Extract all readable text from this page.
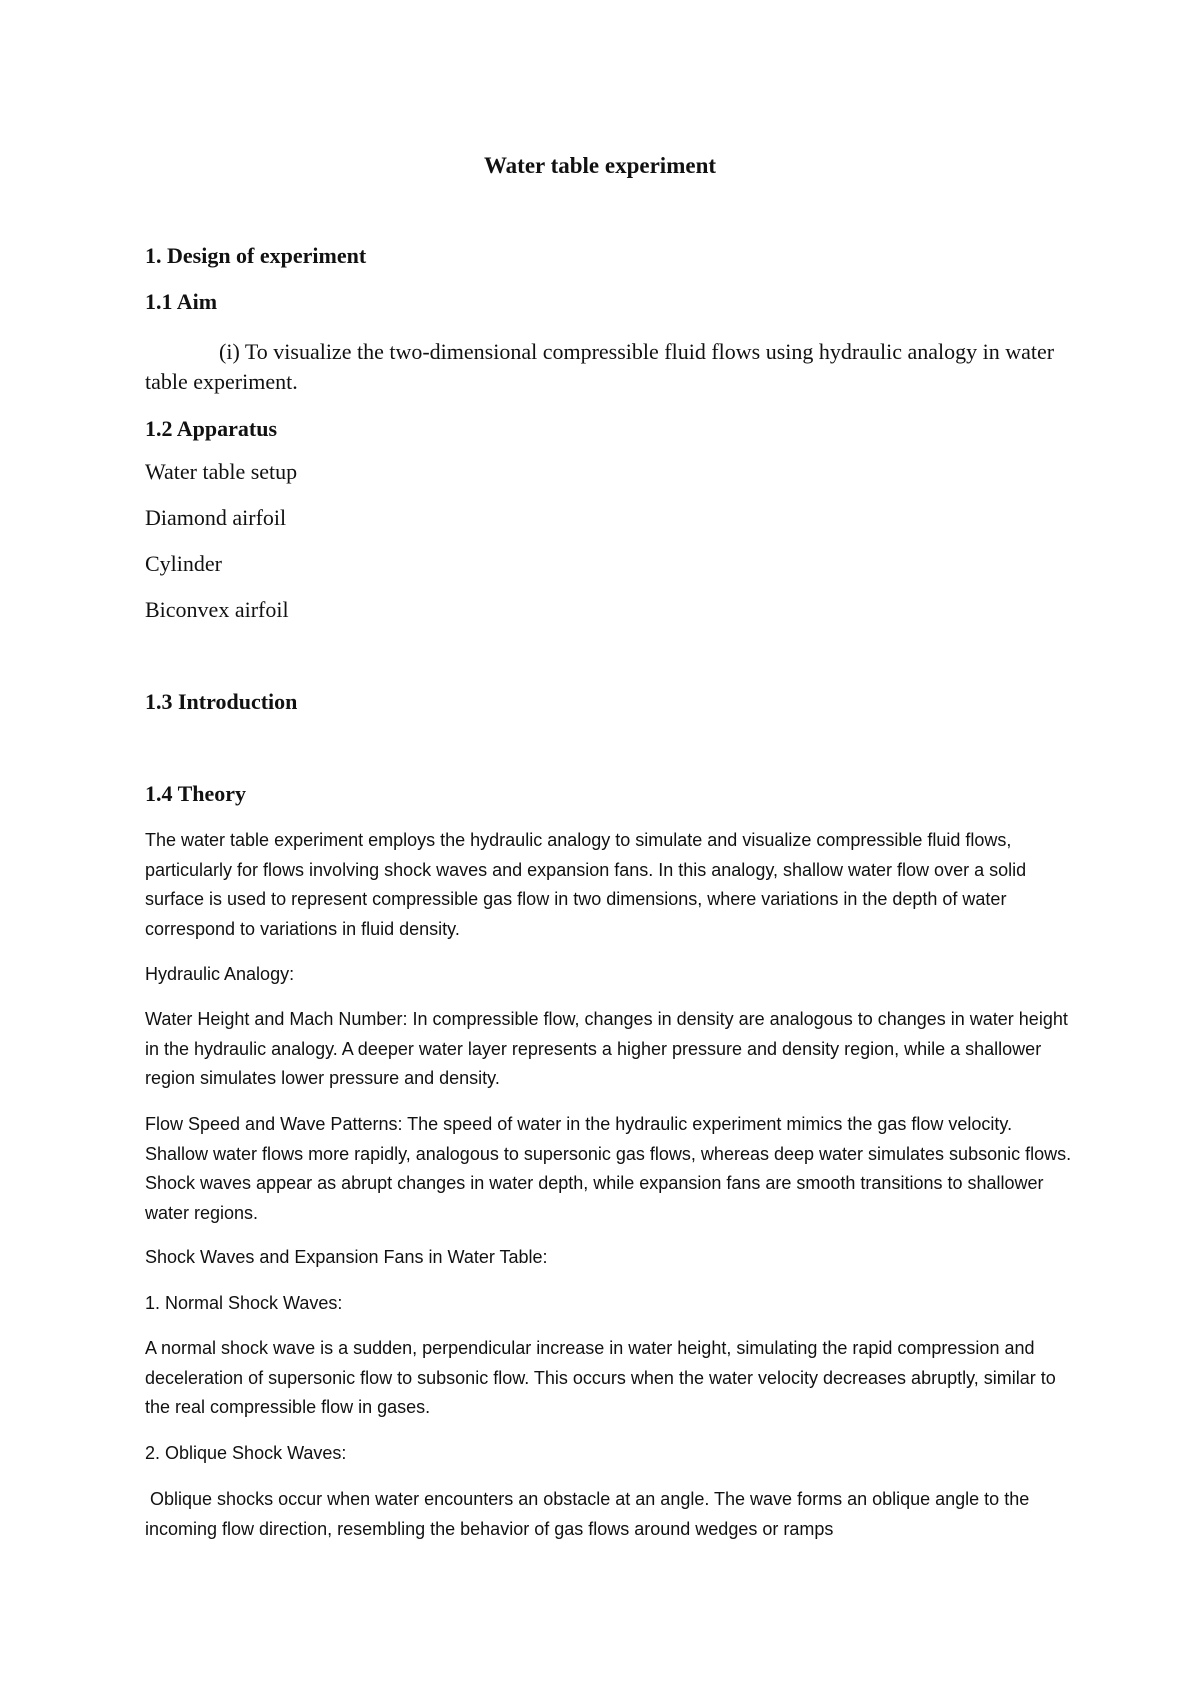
Water table experiment
1. Design of experiment
1.1 Aim
(i) To visualize the two-dimensional compressible fluid flows using hydraulic analogy in water table experiment.
1.2 Apparatus
Water table setup
Diamond airfoil
Cylinder
Biconvex airfoil
1.3 Introduction
1.4 Theory
The water table experiment employs the hydraulic analogy to simulate and visualize compressible fluid flows, particularly for flows involving shock waves and expansion fans. In this analogy, shallow water flow over a solid surface is used to represent compressible gas flow in two dimensions, where variations in the depth of water correspond to variations in fluid density.
Hydraulic Analogy:
Water Height and Mach Number: In compressible flow, changes in density are analogous to changes in water height in the hydraulic analogy. A deeper water layer represents a higher pressure and density region, while a shallower region simulates lower pressure and density.
Flow Speed and Wave Patterns: The speed of water in the hydraulic experiment mimics the gas flow velocity. Shallow water flows more rapidly, analogous to supersonic gas flows, whereas deep water simulates subsonic flows. Shock waves appear as abrupt changes in water depth, while expansion fans are smooth transitions to shallower water regions.
Shock Waves and Expansion Fans in Water Table:
1. Normal Shock Waves:
A normal shock wave is a sudden, perpendicular increase in water height, simulating the rapid compression and deceleration of supersonic flow to subsonic flow. This occurs when the water velocity decreases abruptly, similar to the real compressible flow in gases.
2. Oblique Shock Waves:
Oblique shocks occur when water encounters an obstacle at an angle. The wave forms an oblique angle to the incoming flow direction, resembling the behavior of gas flows around wedges or ramps
